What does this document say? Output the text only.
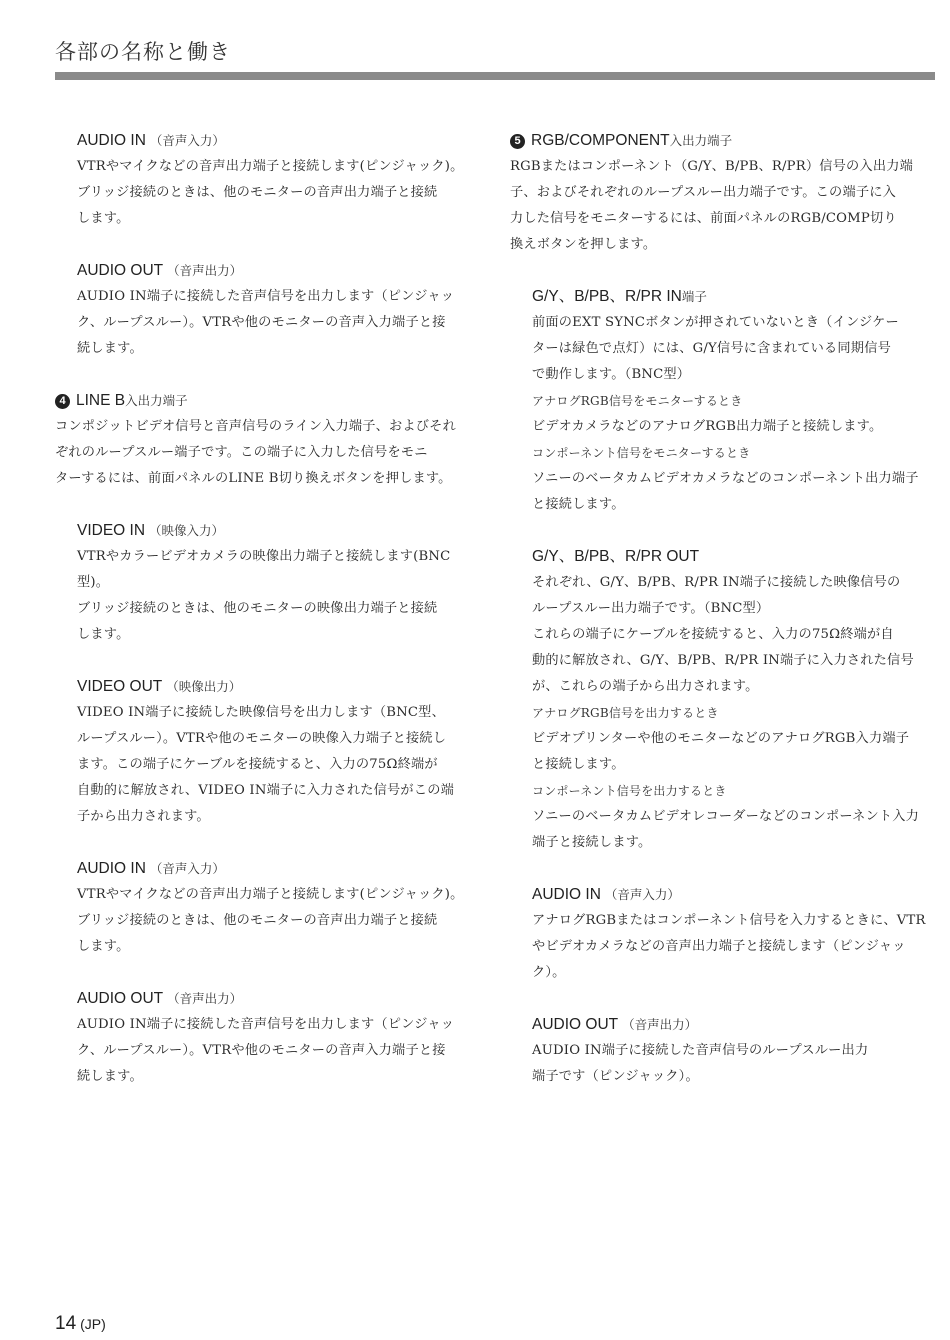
各部の名称と働き
AUDIO IN （音声入力）
VTRやマイクなどの音声出力端子と接続します(ピンジャック)。
ブリッジ接続のときは、他のモニターの音声出力端子と接続
します。
AUDIO OUT （音声出力）
AUDIO IN端子に接続した音声信号を出力します（ピンジャッ
ク、ループスルー）。VTRや他のモニターの音声入力端子と接
続します。
4 LINE B入出力端子
コンポジットビデオ信号と音声信号のライン入力端子、およびそれ
ぞれのループスルー端子です。この端子に入力した信号をモニ
ターするには、前面パネルのLINE B切り換えボタンを押します。
VIDEO IN （映像入力）
VTRやカラービデオカメラの映像出力端子と接続します(BNC
型)。
ブリッジ接続のときは、他のモニターの映像出力端子と接続
します。
VIDEO OUT （映像出力）
VIDEO IN端子に接続した映像信号を出力します（BNC型、
ループスルー）。VTRや他のモニターの映像入力端子と接続し
ます。この端子にケーブルを接続すると、入力の75Ω終端が
自動的に解放され、VIDEO IN端子に入力された信号がこの端
子から出力されます。
AUDIO IN （音声入力）
VTRやマイクなどの音声出力端子と接続します(ピンジャック)。
ブリッジ接続のときは、他のモニターの音声出力端子と接続
します。
AUDIO OUT （音声出力）
AUDIO IN端子に接続した音声信号を出力します（ピンジャッ
ク、ループスルー）。VTRや他のモニターの音声入力端子と接
続します。
5 RGB/COMPONENT入出力端子
RGBまたはコンポーネント（G/Y、B/PB、R/PR）信号の入出力端
子、およびそれぞれのループスルー出力端子です。この端子に入
力した信号をモニターするには、前面パネルのRGB/COMP切り
換えボタンを押します。
G/Y、B/PB、R/PR IN端子
前面のEXT SYNCボタンが押されていないとき（インジケー
ターは緑色で点灯）には、G/Y信号に含まれている同期信号
で動作します。（BNC型）
アナログRGB信号をモニターするとき
ビデオカメラなどのアナログRGB出力端子と接続します。
コンポーネント信号をモニターするとき
ソニーのベータカムビデオカメラなどのコンポーネント出力端子
と接続します。
G/Y、B/PB、R/PR OUT
それぞれ、G/Y、B/PB、R/PR IN端子に接続した映像信号の
ループスルー出力端子です。（BNC型）
これらの端子にケーブルを接続すると、入力の75Ω終端が自
動的に解放され、G/Y、B/PB、R/PR IN端子に入力された信号
が、これらの端子から出力されます。
アナログRGB信号を出力するとき
ビデオプリンターや他のモニターなどのアナログRGB入力端子
と接続します。
コンポーネント信号を出力するとき
ソニーのベータカムビデオレコーダーなどのコンポーネント入力
端子と接続します。
AUDIO IN （音声入力）
アナログRGBまたはコンポーネント信号を入力するときに、VTR
やビデオカメラなどの音声出力端子と接続します（ピンジャッ
ク）。
AUDIO OUT （音声出力）
AUDIO IN端子に接続した音声信号のループスルー出力
端子です（ピンジャック）。
14 (JP)
